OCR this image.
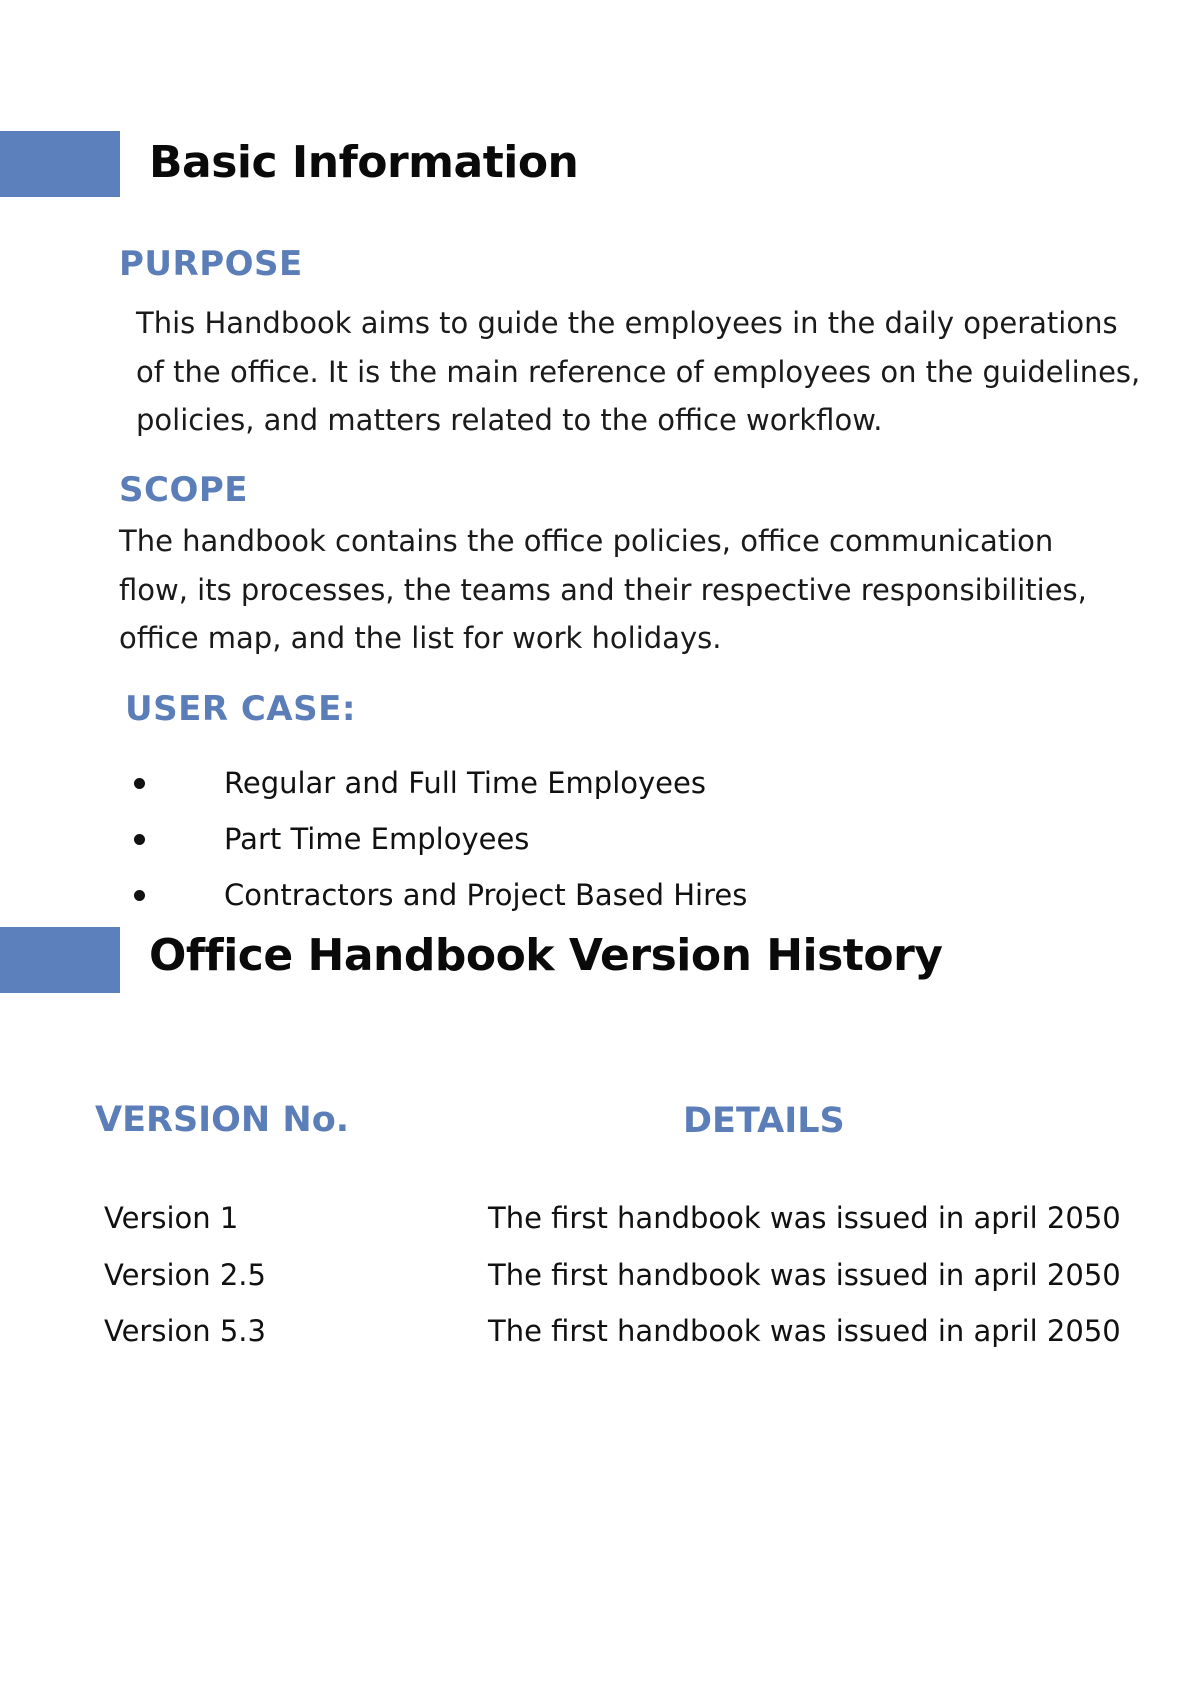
Basic Information
PURPOSE

This Handbook aims to guide the employees in the daily operations of the office. It is the main reference of employees on the guidelines, policies, and matters related to the office workflow.

SCOPE

The handbook contains the office policies, office communication flow, its processes, the teams and their respective responsibilities, office map, and the list for work holidays.

USER CASE:
Regular and Full Time Employees
Part Time Employees
Contractors and Project Based Hires
Office Handbook Version History
VERSION No.	DETAILS
Version 1	The first handbook was issued in april 2050
Version 2.5	The first handbook was issued in april 2050
Version 5.3	The first handbook was issued in april 2050
